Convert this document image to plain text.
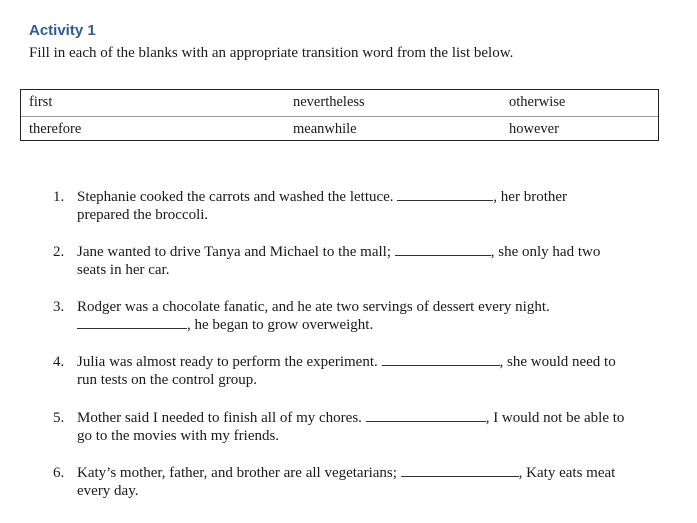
Activity 1
Fill in each of the blanks with an appropriate transition word from the list below.
first	nevertheless	otherwise
therefore	meanwhile	however
1. Stephanie cooked the carrots and washed the lettuce.	, her brother
prepared the broccoli.
2. Jane wanted to drive Tanya and Michael to the mall;	, she only had two
seats in her car.
3. Rodger was a chocolate fanatic, and he ate two servings of dessert every night.
, he began to grow overweight.
4. Julia was almost ready to perform the experiment.	, she would need to
run tests on the control group.
5. Mother said I needed to finish all of my chores.	, I would not be able to
go to the movies with my friends.
6. Katy’s mother, father, and brother are all vegetarians;	, Katy eats meat
every day.
